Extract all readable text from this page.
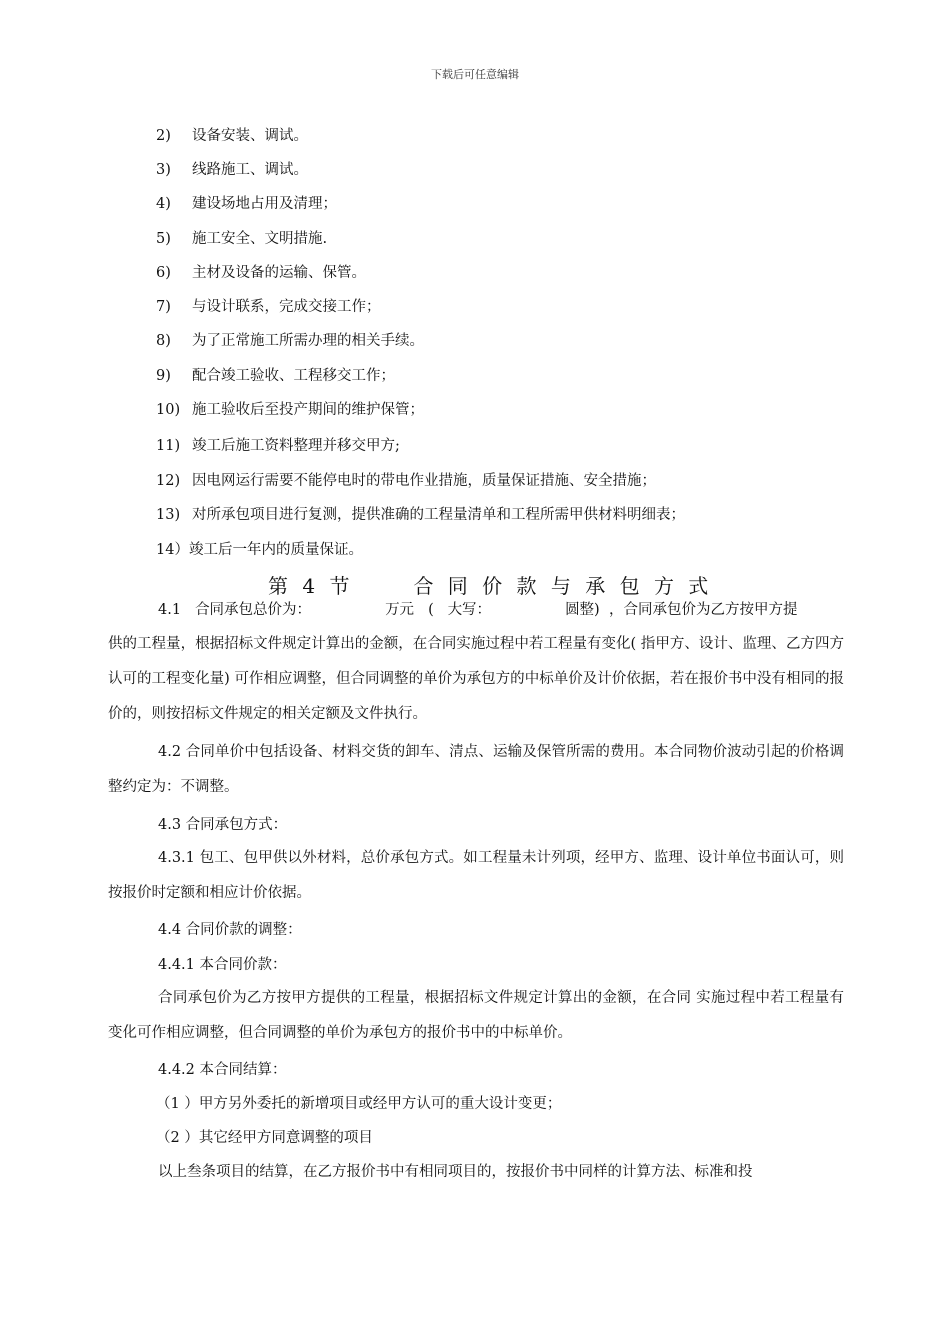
下载后可任意编辑
2) 设备安装、调试。
3) 线路施工、调试。
4) 建设场地占用及清理；
5) 施工安全、文明措施.
6) 主材及设备的运输、保管。
7) 与设计联系，完成交接工作；
8) 为了正常施工所需办理的相关手续。
9) 配合竣工验收、工程移交工作；
10) 施工验收后至投产期间的维护保管；
11) 竣工后施工资料整理并移交甲方;
12) 因电网运行需要不能停电时的带电作业措施，质量保证措施、安全措施；
13) 对所承包项目进行复测，提供准确的工程量清单和工程所需甲供材料明细表；
14）竣工后一年内的质量保证。
第 4 节	合 同 价 款 与 承 包 方 式
4.1 合同承包总价为：	万元 ( 大写：	圆整) ，合同承包价为乙方按甲方提
供的工程量，根据招标文件规定计算出的金额，在合同实施过程中若工程量有变化( 指甲方、设计、监理、乙方四方认可的工程变化量) 可作相应调整，但合同调整的单价为承包方的中标单价及计价依据，若在报价书中没有相同的报价的，则按招标文件规定的相关定额及文件执行。
4.2 合同单价中包括设备、材料交货的卸车、清点、运输及保管所需的费用。本合同物价波动引起的价格调整约定为：不调整。
4.3 合同承包方式：
4.3.1 包工、包甲供以外材料，总价承包方式。如工程量未计列项，经甲方、监理、设计单位书面认可，则按报价时定额和相应计价依据。
4.4 合同价款的调整：
4.4.1 本合同价款：
合同承包价为乙方按甲方提供的工程量，根据招标文件规定计算出的金额，在合同 实施过程中若工程量有变化可作相应调整，但合同调整的单价为承包方的报价书中的中标单价。
4.4.2 本合同结算：
（1 ）甲方另外委托的新增项目或经甲方认可的重大设计变更；
（2 ）其它经甲方同意调整的项目
以上叁条项目的结算，在乙方报价书中有相同项目的，按报价书中同样的计算方法、标准和投
